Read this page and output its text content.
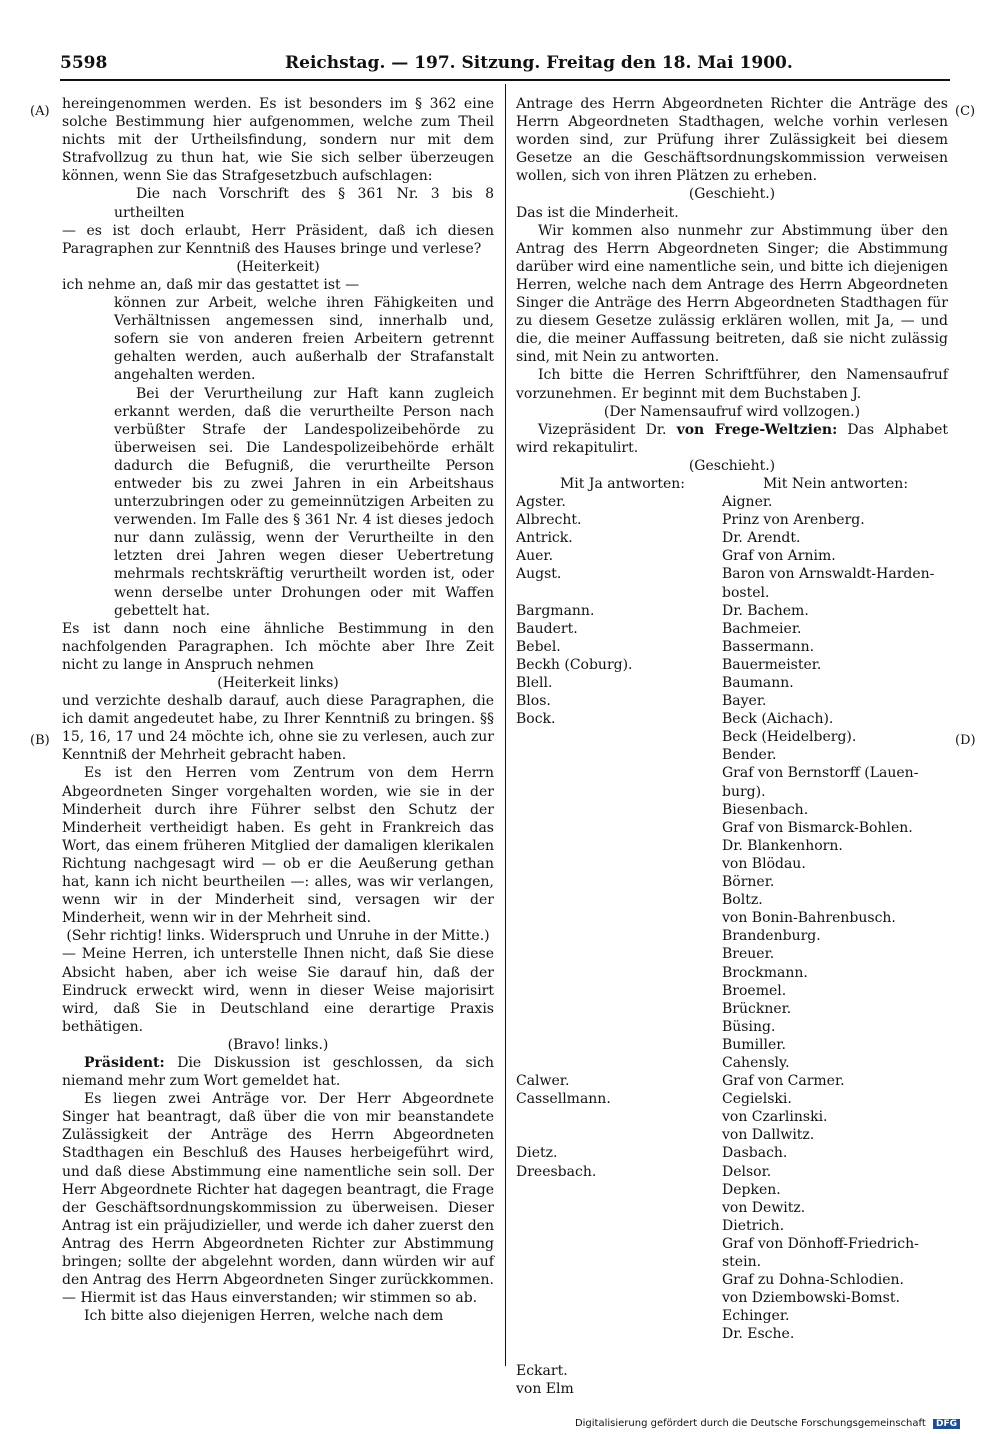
5598	Reichstag. — 197. Sitzung. Freitag den 18. Mai 1900.
(A)
(B)
(C)
(D)

hereingenommen werden. Es ist besonders im § 362 eine solche Bestimmung hier aufgenommen, welche zum Theil nichts mit der Urtheilsfindung, sondern nur mit dem Strafvollzug zu thun hat, wie Sie sich selber überzeugen können, wenn Sie das Strafgesetzbuch aufschlagen:

Die nach Vorschrift des § 361 Nr. 3 bis 8 urtheilten

— es ist doch erlaubt, Herr Präsident, daß ich diesen Paragraphen zur Kenntniß des Hauses bringe und verlese?

(Heiterkeit)

ich nehme an, daß mir das gestattet ist —

können zur Arbeit, welche ihren Fähigkeiten und Verhältnissen angemessen sind, innerhalb und, sofern sie von anderen freien Arbeitern getrennt gehalten werden, auch außerhalb der Strafanstalt angehalten werden.

Bei der Verurtheilung zur Haft kann zugleich erkannt werden, daß die verurtheilte Person nach verbüßter Strafe der Landespolizeibehörde zu überweisen sei. Die Landespolizeibehörde erhält dadurch die Befugniß, die verurtheilte Person entweder bis zu zwei Jahren in ein Arbeitshaus unterzubringen oder zu gemeinnützigen Arbeiten zu verwenden. Im Falle des § 361 Nr. 4 ist dieses jedoch nur dann zulässig, wenn der Verurtheilte in den letzten drei Jahren wegen dieser Uebertretung mehrmals rechtskräftig verurtheilt worden ist, oder wenn derselbe unter Drohungen oder mit Waffen gebettelt hat.

Es ist dann noch eine ähnliche Bestimmung in den nachfolgenden Paragraphen. Ich möchte aber Ihre Zeit nicht zu lange in Anspruch nehmen

(Heiterkeit links)

und verzichte deshalb darauf, auch diese Paragraphen, die ich damit angedeutet habe, zu Ihrer Kenntniß zu bringen. §§ 15, 16, 17 und 24 möchte ich, ohne sie zu verlesen, auch zur Kenntniß der Mehrheit gebracht haben.

Es ist den Herren vom Zentrum von dem Herrn Abgeordneten Singer vorgehalten worden, wie sie in der Minderheit durch ihre Führer selbst den Schutz der Minderheit vertheidigt haben. Es geht in Frankreich das Wort, das einem früheren Mitglied der damaligen klerikalen Richtung nachgesagt wird — ob er die Aeußerung gethan hat, kann ich nicht beurtheilen —: alles, was wir verlangen, wenn wir in der Minderheit sind, versagen wir der Minderheit, wenn wir in der Mehrheit sind.

(Sehr richtig! links. Widerspruch und Unruhe in der Mitte.)

— Meine Herren, ich unterstelle Ihnen nicht, daß Sie diese Absicht haben, aber ich weise Sie darauf hin, daß der Eindruck erweckt wird, wenn in dieser Weise majorisirt wird, daß Sie in Deutschland eine derartige Praxis bethätigen.

(Bravo! links.)

Präsident: Die Diskussion ist geschlossen, da sich niemand mehr zum Wort gemeldet hat.

Es liegen zwei Anträge vor. Der Herr Abgeordnete Singer hat beantragt, daß über die von mir beanstandete Zulässigkeit der Anträge des Herrn Abgeordneten Stadthagen ein Beschluß des Hauses herbeigeführt wird, und daß diese Abstimmung eine namentliche sein soll. Der Herr Abgeordnete Richter hat dagegen beantragt, die Frage der Geschäftsordnungskommission zu überweisen. Dieser Antrag ist ein präjudizieller, und werde ich daher zuerst den Antrag des Herrn Abgeordneten Richter zur Abstimmung bringen; sollte der abgelehnt worden, dann würden wir auf den Antrag des Herrn Abgeordneten Singer zurückkommen. — Hiermit ist das Haus einverstanden; wir stimmen so ab.

Ich bitte also diejenigen Herren, welche nach dem

Antrage des Herrn Abgeordneten Richter die Anträge des Herrn Abgeordneten Stadthagen, welche vorhin verlesen worden sind, zur Prüfung ihrer Zulässigkeit bei diesem Gesetze an die Geschäftsordnungskommission verweisen wollen, sich von ihren Plätzen zu erheben.

(Geschieht.)

Das ist die Minderheit.

Wir kommen also nunmehr zur Abstimmung über den Antrag des Herrn Abgeordneten Singer; die Abstimmung darüber wird eine namentliche sein, und bitte ich diejenigen Herren, welche nach dem Antrage des Herrn Abgeordneten Singer die Anträge des Herrn Abgeordneten Stadthagen für zu diesem Gesetze zulässig erklären wollen, mit Ja, — und die, die meiner Auffassung beitreten, daß sie nicht zulässig sind, mit Nein zu antworten.

Ich bitte die Herren Schriftführer, den Namensaufruf vorzunehmen. Er beginnt mit dem Buchstaben J.

(Der Namensaufruf wird vollzogen.)

Vizepräsident Dr. von Frege-Weltzien: Das Alphabet wird rekapitulirt.

(Geschieht.)

Mit Ja antworten:	Mit Nein antworten:
Agster.
Albrecht.
Antrick.
Auer.
Augst.

Bargmann.
Baudert.
Bebel.
Beckh (Coburg).
Blell.
Blos.
Bock.

Calwer.
Cassellmann.

Dietz.
Dreesbach.

Eckart.
von Elm
Aigner.
Prinz von Arenberg.
Dr. Arendt.
Graf von Arnim.
Baron von Arnswaldt-Harden-
bostel.
Dr. Bachem.
Bachmeier.
Bassermann.
Bauermeister.
Baumann.
Bayer.
Beck (Aichach).
Beck (Heidelberg).
Bender.
Graf von Bernstorff (Lauen-
burg).
Biesenbach.
Graf von Bismarck-Bohlen.
Dr. Blankenhorn.
von Blödau.
Börner.
Boltz.
von Bonin-Bahrenbusch.
Brandenburg.
Breuer.
Brockmann.
Broemel.
Brückner.
Büsing.
Bumiller.
Cahensly.
Graf von Carmer.
Cegielski.
von Czarlinski.
von Dallwitz.
Dasbach.
Delsor.
Depken.
von Dewitz.
Dietrich.
Graf von Dönhoff-Friedrich-
stein.
Graf zu Dohna-Schlodien.
von Dziembowski-Bomst.
Echinger.
Dr. Esche.
Digitalisierung gefördert durch die Deutsche Forschungsgemeinschaft DFG
